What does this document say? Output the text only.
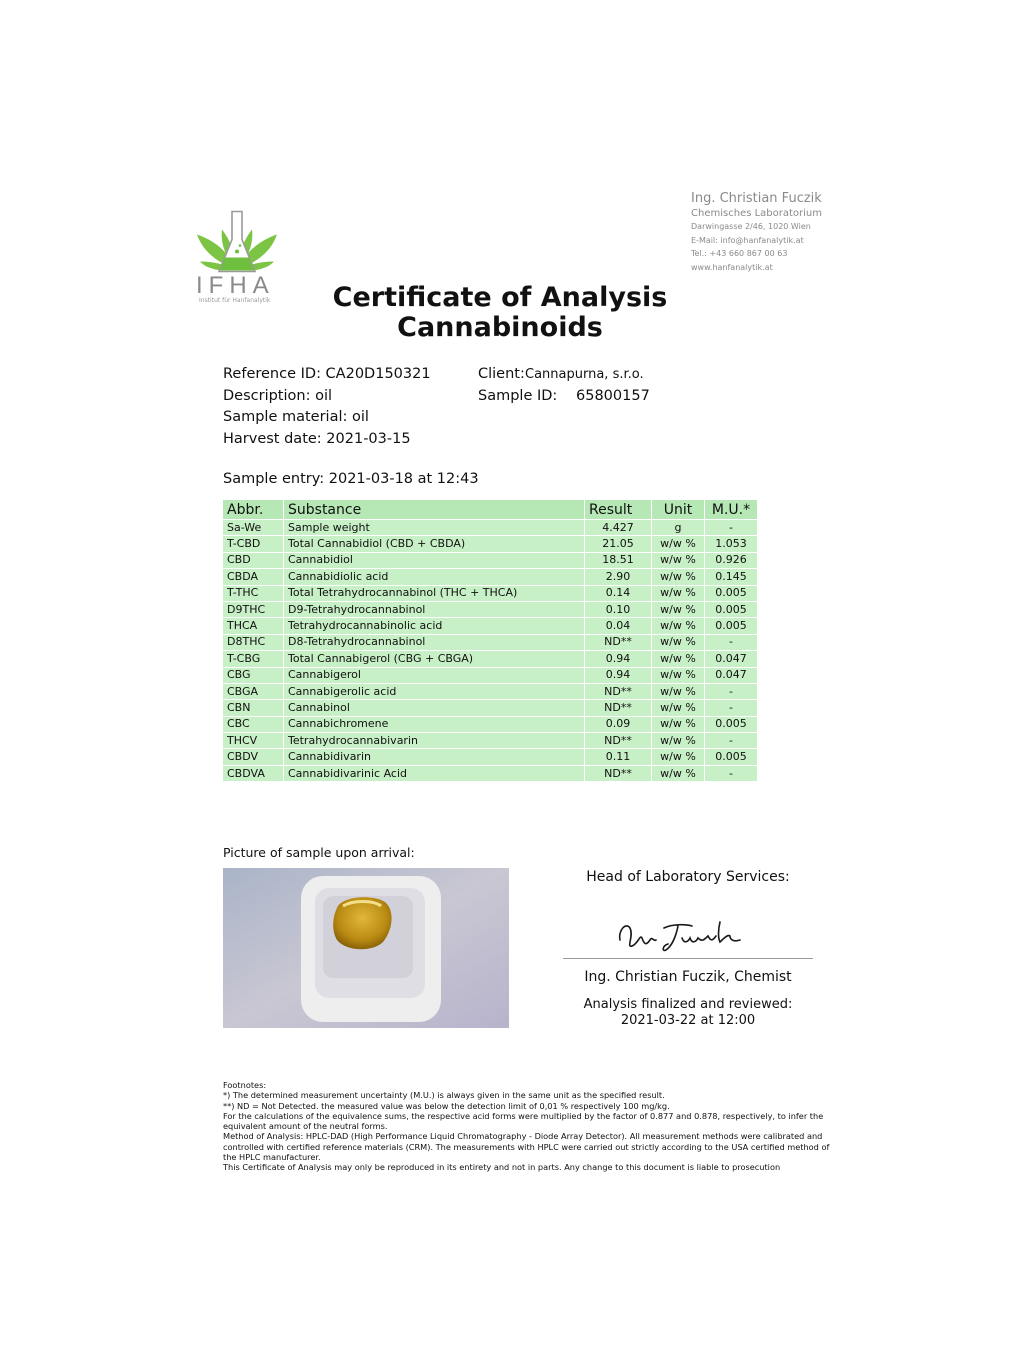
IFHA
Institut für Hanfanalytik
Ing. Christian Fuczik
Chemisches Laboratorium
Darwingasse 2/46, 1020 Wien
E-Mail: info@hanfanalytik.at
Tel.: +43 660 867 00 63
www.hanfanalytik.at
Certificate of Analysis
Cannabinoids
Reference ID: CA20D150321
Description: oil
Sample material: oil
Harvest date: 2021-03-15
Client: Cannapurna, s.r.o.
Sample ID:	65800157
Sample entry: 2021-03-18 at 12:43
Abbr.	Substance	Result	Unit	M.U.*
Sa-We	Sample weight	4.427	g	-
T-CBD	Total Cannabidiol (CBD + CBDA)	21.05	w/w %	1.053
CBD	Cannabidiol	18.51	w/w %	0.926
CBDA	Cannabidiolic acid	2.90	w/w %	0.145
T-THC	Total Tetrahydrocannabinol (THC + THCA)	0.14	w/w %	0.005
D9THC	D9-Tetrahydrocannabinol	0.10	w/w %	0.005
THCA	Tetrahydrocannabinolic acid	0.04	w/w %	0.005
D8THC	D8-Tetrahydrocannabinol	ND**	w/w %	-
T-CBG	Total Cannabigerol (CBG + CBGA)	0.94	w/w %	0.047
CBG	Cannabigerol	0.94	w/w %	0.047
CBGA	Cannabigerolic acid	ND**	w/w %	-
CBN	Cannabinol	ND**	w/w %	-
CBC	Cannabichromene	0.09	w/w %	0.005
THCV	Tetrahydrocannabivarin	ND**	w/w %	-
CBDV	Cannabidivarin	0.11	w/w %	0.005
CBDVA	Cannabidivarinic Acid	ND**	w/w %	-
Picture of sample upon arrival:
Head of Laboratory Services:
Ing. Christian Fuczik, Chemist
Analysis finalized and reviewed:
2021-03-22 at 12:00

Footnotes:

*) The determined measurement uncertainty (M.U.) is always given in the same unit as the specified result.

**) ND = Not Detected. the measured value was below the detection limit of 0,01 % respectively 100 mg/kg.

For the calculations of the equivalence sums, the respective acid forms were multiplied by the factor of 0.877 and 0.878, respectively, to infer the equivalent amount of the neutral forms.

Method of Analysis: HPLC-DAD (High Performance Liquid Chromatography - Diode Array Detector). All measurement methods were calibrated and controlled with certified reference materials (CRM). The measurements with HPLC were carried out strictly according to the USA certified method of the HPLC manufacturer.

This Certificate of Analysis may only be reproduced in its entirety and not in parts. Any change to this document is liable to prosecution
